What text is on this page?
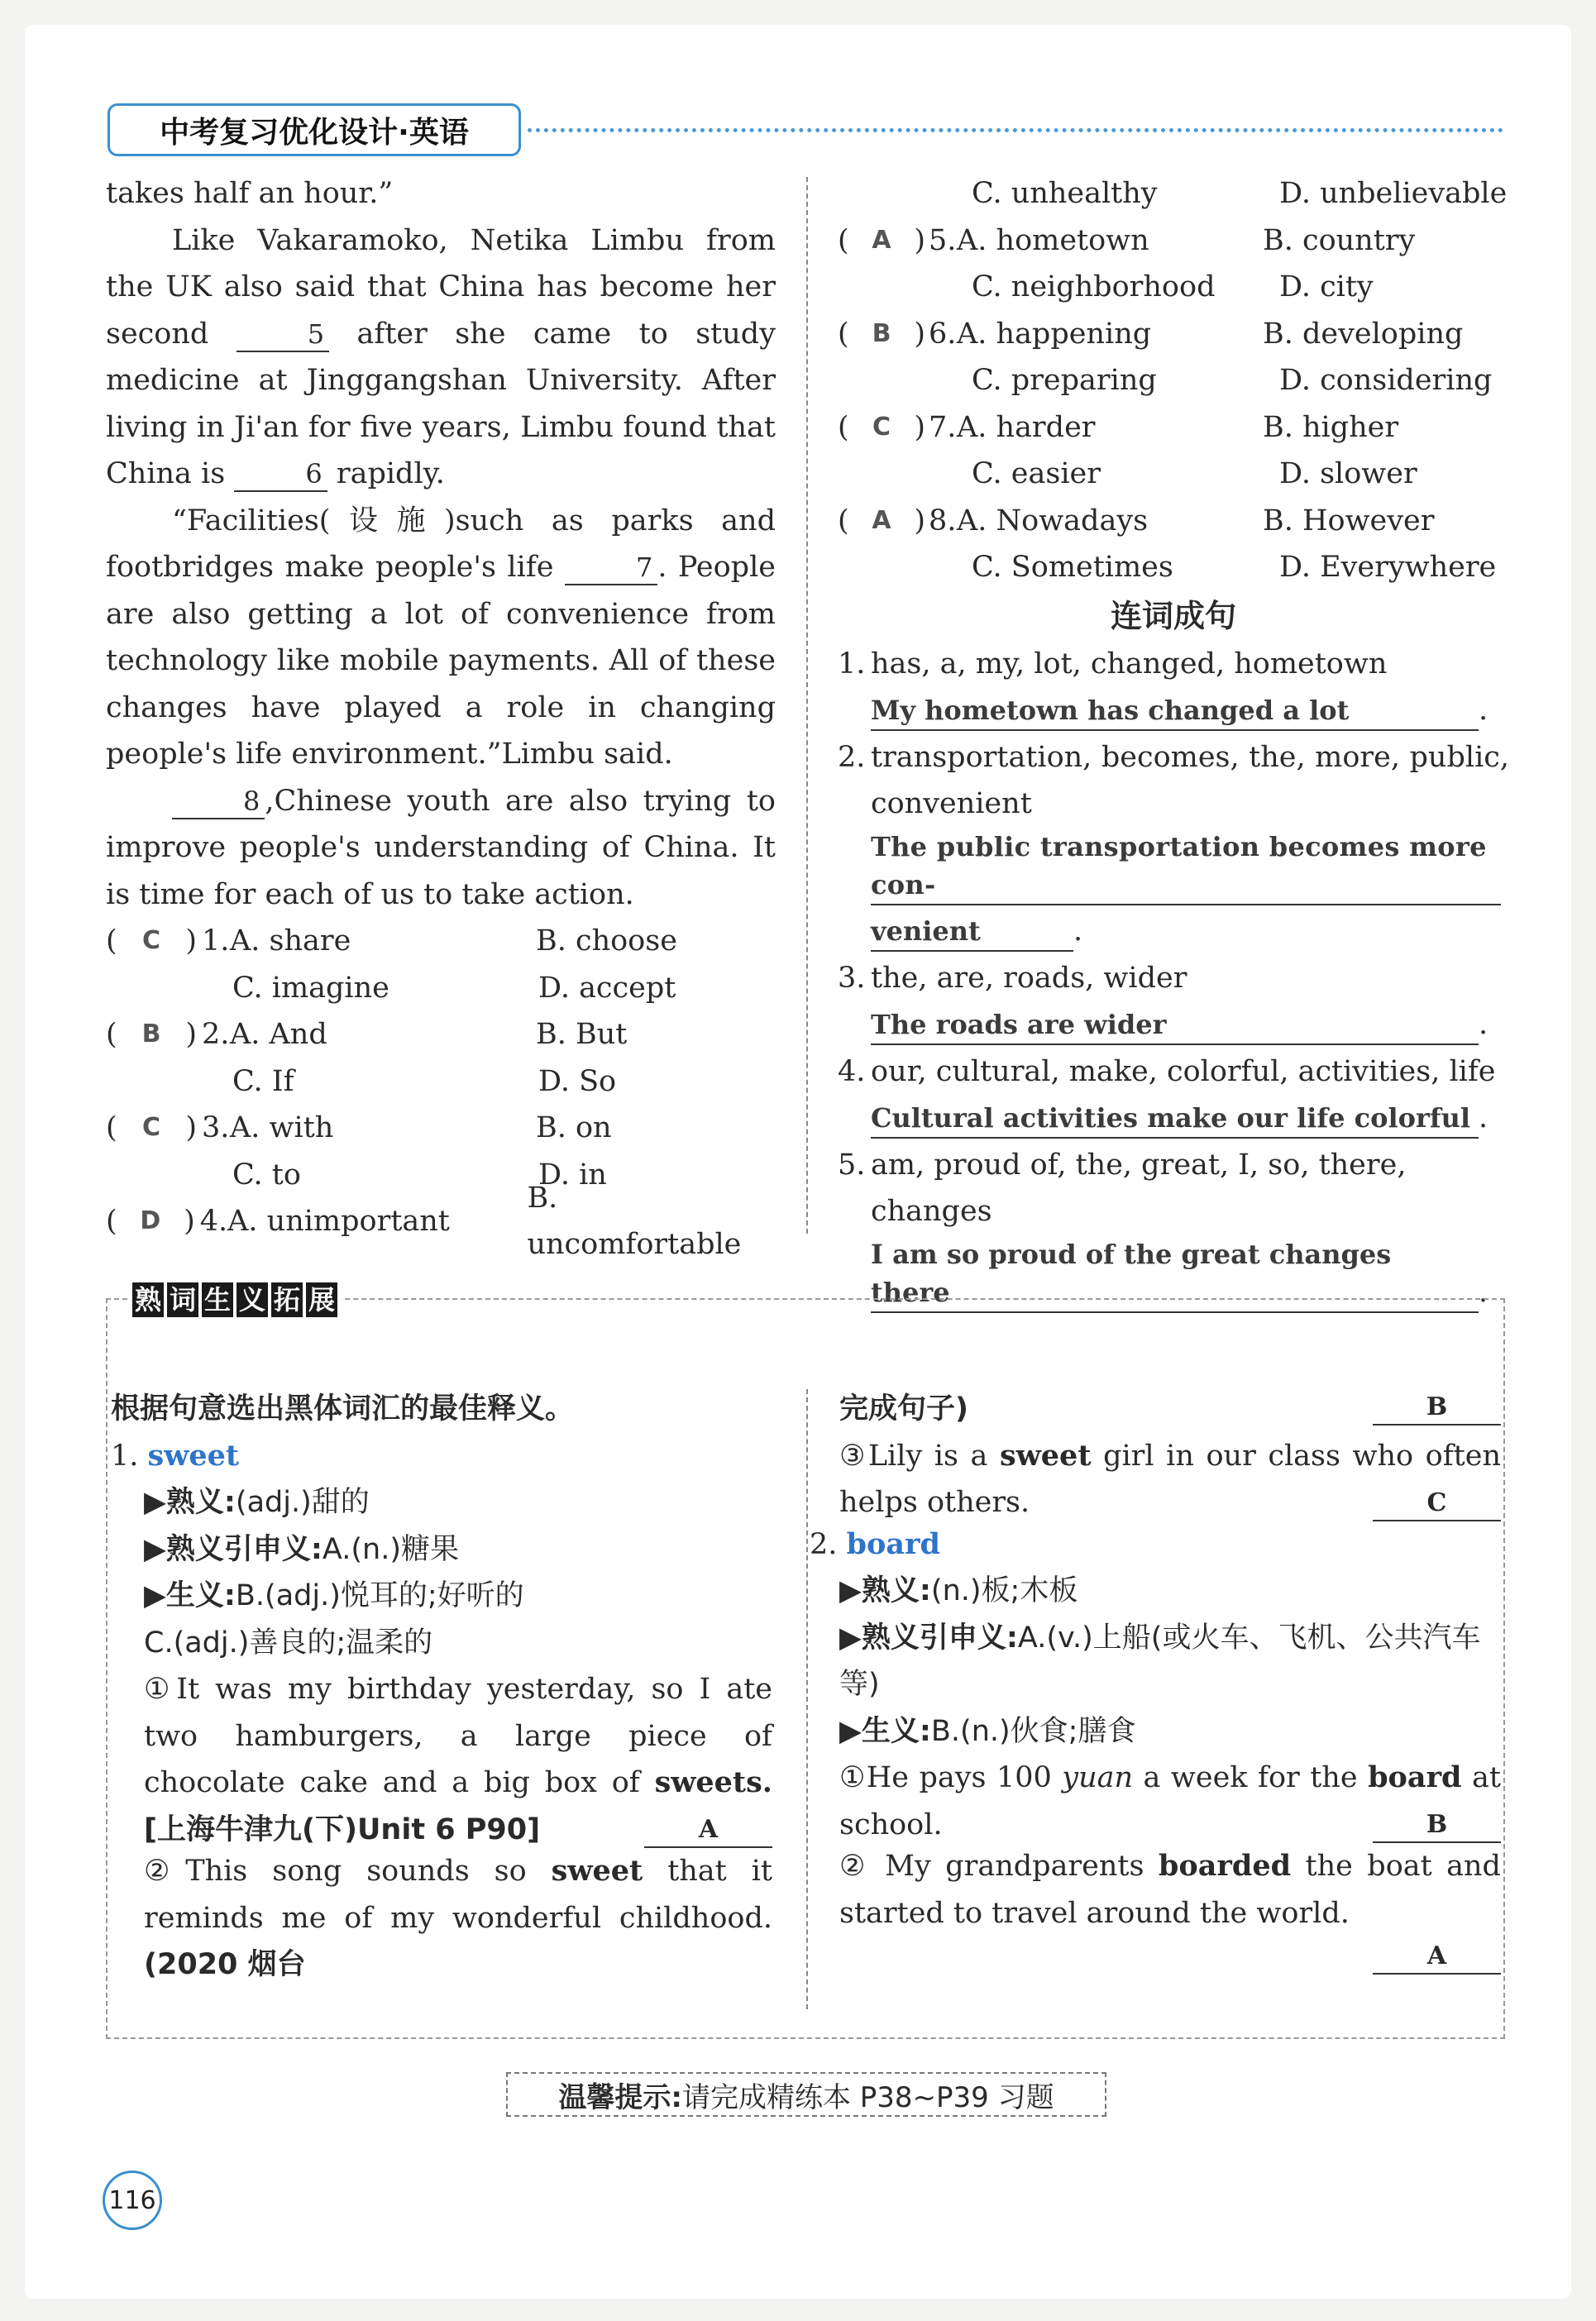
中考复习优化设计·英语

takes half an hour.”

Like Vakaramoko, Netika Limbu from the UK also said that China has become her second	5 after she came to study medicine at Jinggangshan University. After living in Ji'an for five years, Limbu found that China is	6 rapidly.

“Facilities(设施)such as parks and footbridges make people's life	7 . People are also getting a lot of convenience from technology like mobile payments. All of these changes have played a role in changing people's life environment.”Limbu said.

8 ,Chinese youth are also trying to improve people's understanding of China. It is time for each of us to take action.

( C ) 1. A. share	B. choose
C. imagine	D. accept
( B ) 2. A. And	B. But
C. If	D. So
( C ) 3. A. with	B. on
C. to	D. in
( D ) 4. A. unimportant
B. uncomfortable
C. unhealthy	D. unbelievable
( A ) 5. A. hometown	B. country
C. neighborhood	D. city
( B ) 6. A. happening	B. developing
C. preparing	D. considering
( C ) 7. A. harder	B. higher
C. easier	D. slower
( A ) 8. A. Nowadays	B. However
C. Sometimes	D. Everywhere
连词成句
1. has, a, my, lot, changed, hometown
My hometown has changed a lot	.
2. transportation, becomes, the, more, public, convenient
The public transportation becomes more con-
venient	.
3. the, are, roads, wider
The roads are wider	.
4. our, cultural, make, colorful, activities, life
Cultural activities make our life colorful .
5. am, proud of, the, great, I, so, there, changes
I am so proud of the great changes there	.
熟 词 生 义 拓 展
根据句意选出黑体词汇的最佳释义。
1. sweet
▶熟义:(adj.)甜的
▶熟义引申义:A.(n.)糖果
▶生义:B.(adj.)悦耳的;好听的
C.(adj.)善良的;温柔的
①It was my birthday yesterday, so I ate two hamburgers, a large piece of chocolate cake and a big box of sweets.[上海牛津九(下)Unit 6 P90]	A
②This song sounds so sweet that it reminds me of my wonderful childhood. (2020 烟台
完成句子)	B
③Lily is a sweet girl in our class who often helps others.	C
2. board
▶熟义:(n.)板;木板
▶熟义引申义:A.(v.)上船(或火车、飞机、公共汽车等)
▶生义:B.(n.)伙食;膳食
①He pays 100 yuan a week for the board at school.	B
② My grandparents boarded the boat and started to travel around the world.
A
温馨提示: 请完成精练本 P38~P39 习题
116
